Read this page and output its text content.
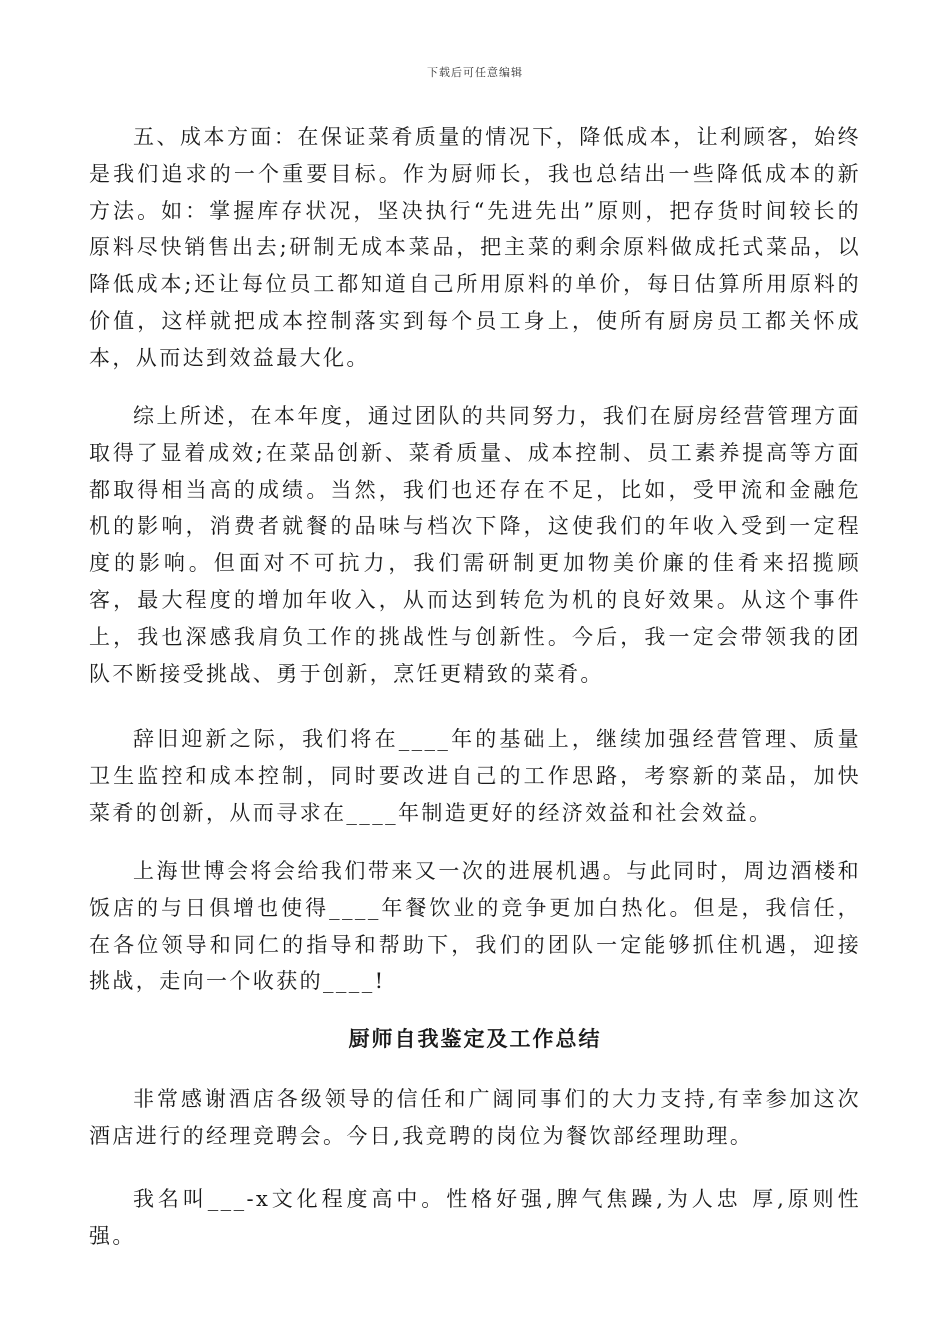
下载后可任意编辑

五、成本方面：在保证菜肴质量的情况下，降低成本，让利顾客，始终是我们追求的一个重要目标。作为厨师长，我也总结出一些降低成本的新方法。如：掌握库存状况，坚决执行“先进先出”原则，把存货时间较长的原料尽快销售出去;研制无成本菜品，把主菜的剩余原料做成托式菜品，以降低成本;还让每位员工都知道自己所用原料的单价，每日估算所用原料的价值，这样就把成本控制落实到每个员工身上，使所有厨房员工都关怀成本，从而达到效益最大化。

综上所述，在本年度，通过团队的共同努力，我们在厨房经营管理方面取得了显着成效;在菜品创新、菜肴质量、成本控制、员工素养提高等方面都取得相当高的成绩。当然，我们也还存在不足，比如，受甲流和金融危机的影响，消费者就餐的品味与档次下降，这使我们的年收入受到一定程度的影响。但面对不可抗力，我们需研制更加物美价廉的佳肴来招揽顾客，最大程度的增加年收入，从而达到转危为机的良好效果。从这个事件上，我也深感我肩负工作的挑战性与创新性。今后，我一定会带领我的团队不断接受挑战、勇于创新，烹饪更精致的菜肴。

辞旧迎新之际，我们将在____年的基础上，继续加强经营管理、质量卫生监控和成本控制，同时要改进自己的工作思路，考察新的菜品，加快菜肴的创新，从而寻求在____年制造更好的经济效益和社会效益。

上海世博会将会给我们带来又一次的进展机遇。与此同时，周边酒楼和饭店的与日俱增也使得____年餐饮业的竞争更加白热化。但是，我信任，在各位领导和同仁的指导和帮助下，我们的团队一定能够抓住机遇，迎接挑战，走向一个收获的____!

厨师自我鉴定及工作总结

非常感谢酒店各级领导的信任和广阔同事们的大力支持,有幸参加这次酒店进行的经理竞聘会。今日,我竞聘的岗位为餐饮部经理助理。

我名叫___-x文化程度高中。性格好强,脾气焦躁,为人忠 厚,原则性强。
